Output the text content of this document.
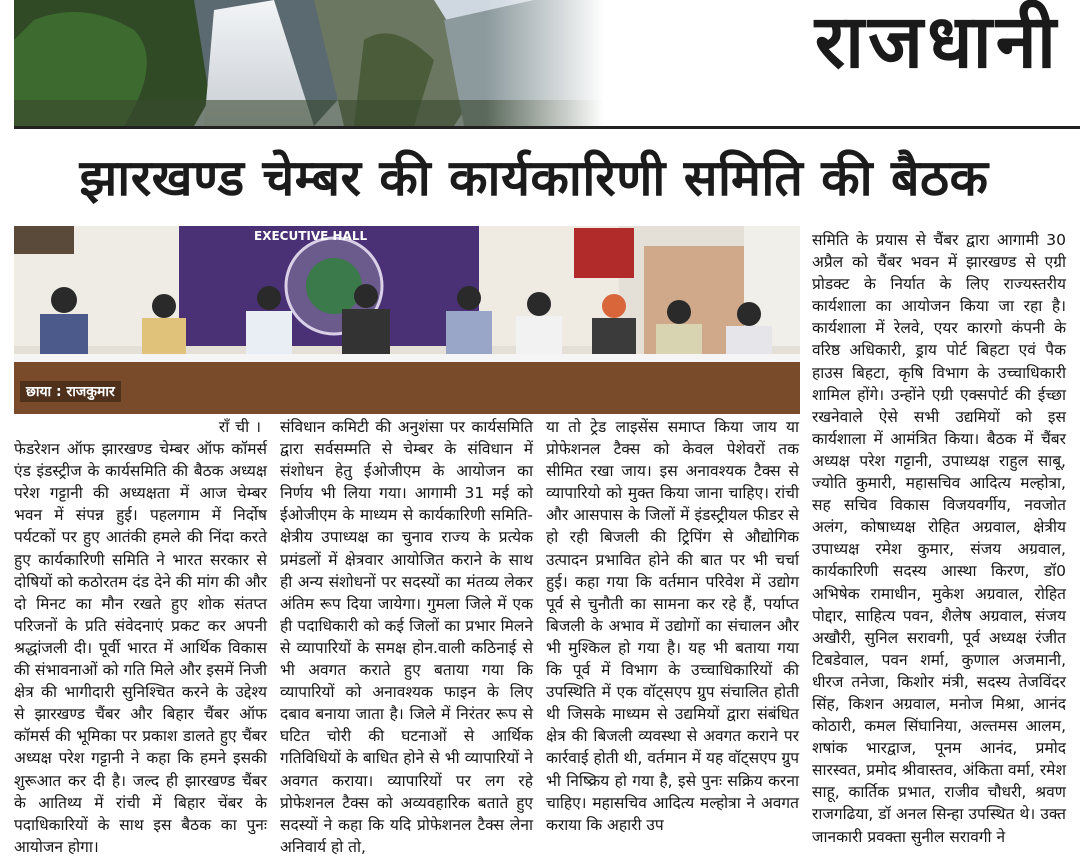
राजधानी
झारखण्ड चेम्बर की कार्यकारिणी समिति की बैठक
EXECUTIVE HALL
छाया : राजकुमार
राँची।

फेडरेशन ऑफ झारखण्ड चेम्बर ऑफ कॉमर्स एंड इंडस्ट्रीज के कार्यसमिति की बैठक अध्यक्ष परेश गट्टानी की अध्यक्षता में आज चेम्बर भवन में संपन्न हुई। पहलगाम में निर्दोष पर्यटकों पर हुए आतंकी हमले की निंदा करते हुए कार्यकारिणी समिति ने भारत सरकार से दोषियों को कठोरतम दंड देने की मांग की और दो मिनट का मौन रखते हुए शोक संतप्त परिजनों के प्रति संवेदनाएं प्रकट कर अपनी श्रद्धांजली दी। पूर्वी भारत में आर्थिक विकास की संभावनाओं को गति मिले और इसमें निजी क्षेत्र की भागीदारी सुनिश्चित करने के उद्देश्य से झारखण्ड चैंबर और बिहार चैंबर ऑफ कॉमर्स की भूमिका पर प्रकाश डालते हुए चैंबर अध्यक्ष परेश गट्टानी ने कहा कि हमने इसकी शुरूआत कर दी है। जल्द ही झारखण्ड चैंबर के आतिथ्य में रांची में बिहार चेंबर के पदाधिकारियों के साथ इस बैठक का पुनः आयोजन होगा।

संविधान कमिटी की अनुशंसा पर कार्यसमिति द्वारा सर्वसम्मति से चेम्बर के संविधान में संशोधन हेतु ईओजीएम के आयोजन का निर्णय भी लिया गया। आगामी 31 मई को ईओजीएम के माध्यम से कार्यकारिणी समिति-क्षेत्रीय उपाध्यक्ष का चुनाव राज्य के प्रत्येक प्रमंडलों में क्षेत्रवार आयोजित कराने के साथ ही अन्य संशोधनों पर सदस्यों का मंतव्य लेकर अंतिम रूप दिया जायेगा। गुमला जिले में एक ही पदाधिकारी को कई जिलों का प्रभार मिलने से व्यापारियों के समक्ष होन.वाली कठिनाई से भी अवगत कराते हुए बताया गया कि व्यापारियों को अनावश्यक फाइन के लिए दबाव बनाया जाता है। जिले में निरंतर रूप से घटित चोरी की घटनाओं से आर्थिक गतिविधियों के बाधित होने से भी व्यापारियों ने अवगत कराया। व्यापारियों पर लग रहे प्रोफेशनल टैक्स को अव्यवहारिक बताते हुए सदस्यों ने कहा कि यदि प्रोफेशनल टैक्स लेना अनिवार्य हो तो,

या तो ट्रेड लाइसेंस समाप्त किया जाय या प्रोफेशनल टैक्स को केवल पेशेवरों तक सीमित रखा जाय। इस अनावश्यक टैक्स से व्यापारियो को मुक्त किया जाना चाहिए। रांची और आसपास के जिलों में इंडस्ट्रीयल फीडर से हो रही बिजली की ट्रिपिंग से औद्योगिक उत्पादन प्रभावित होने की बात पर भी चर्चा हुई। कहा गया कि वर्तमान परिवेश में उद्योग पूर्व से चुनौती का सामना कर रहे हैं, पर्याप्त बिजली के अभाव में उद्योगों का संचालन और भी मुश्किल हो गया है। यह भी बताया गया कि पूर्व में विभाग के उच्चाधिकारियों की उपस्थिति में एक वॉट्सएप ग्रुप संचालित होती थी जिसके माध्यम से उद्यमियों द्वारा संबंधित क्षेत्र की बिजली व्यवस्था से अवगत कराने पर कार्रवाई होती थी, वर्तमान में यह वॉट्सएप ग्रुप भी निष्क्रिय हो गया है, इसे पुनः सक्रिय करना चाहिए। महासचिव आदित्य मल्होत्रा ने अवगत कराया कि अहारी उप

समिति के प्रयास से चैंबर द्वारा आगामी 30 अप्रैल को चैंबर भवन में झारखण्ड से एग्री प्रोडक्ट के निर्यात के लिए राज्यस्तरीय कार्यशाला का आयोजन किया जा रहा है। कार्यशाला में रेलवे, एयर कारगो कंपनी के वरिष्ठ अधिकारी, ड्राय पोर्ट बिहटा एवं पैक हाउस बिहटा, कृषि विभाग के उच्चाधिकारी शामिल होंगे। उन्होंने एग्री एक्सपोर्ट की ईच्छा रखनेवाले ऐसे सभी उद्यमियों को इस कार्यशाला में आमंत्रित किया। बैठक में चैंबर अध्यक्ष परेश गट्टानी, उपाध्यक्ष राहुल साबू, ज्योति कुमारी, महासचिव आदित्य मल्होत्रा, सह सचिव विकास विजयवर्गीय, नवजोत अलंग, कोषाध्यक्ष रोहित अग्रवाल, क्षेत्रीय उपाध्यक्ष रमेश कुमार, संजय अग्रवाल, कार्यकारिणी सदस्य आस्था किरण, डॉ0 अभिषेक रामाधीन, मुकेश अग्रवाल, रोहित पोद्दार, साहित्य पवन, शैलेष अग्रवाल, संजय अखौरी, सुनिल सरावगी, पूर्व अध्यक्ष रंजीत टिबडेवाल, पवन शर्मा, कुणाल अजमानी, धीरज तनेजा, किशोर मंत्री, सदस्य तेजविंदर सिंह, किशन अग्रवाल, मनोज मिश्रा, आनंद कोठारी, कमल सिंघानिया, अल्तमस आलम, शषांक भारद्वाज, पूनम आनंद, प्रमोद सारस्वत, प्रमोद श्रीवास्तव, अंकिता वर्मा, रमेश साहू, कार्तिक प्रभात, राजीव चौधरी, श्रवण राजगढिया, डॉ अनल सिन्हा उपस्थित थे। उक्त जानकारी प्रवक्ता सुनील सरावगी ने
